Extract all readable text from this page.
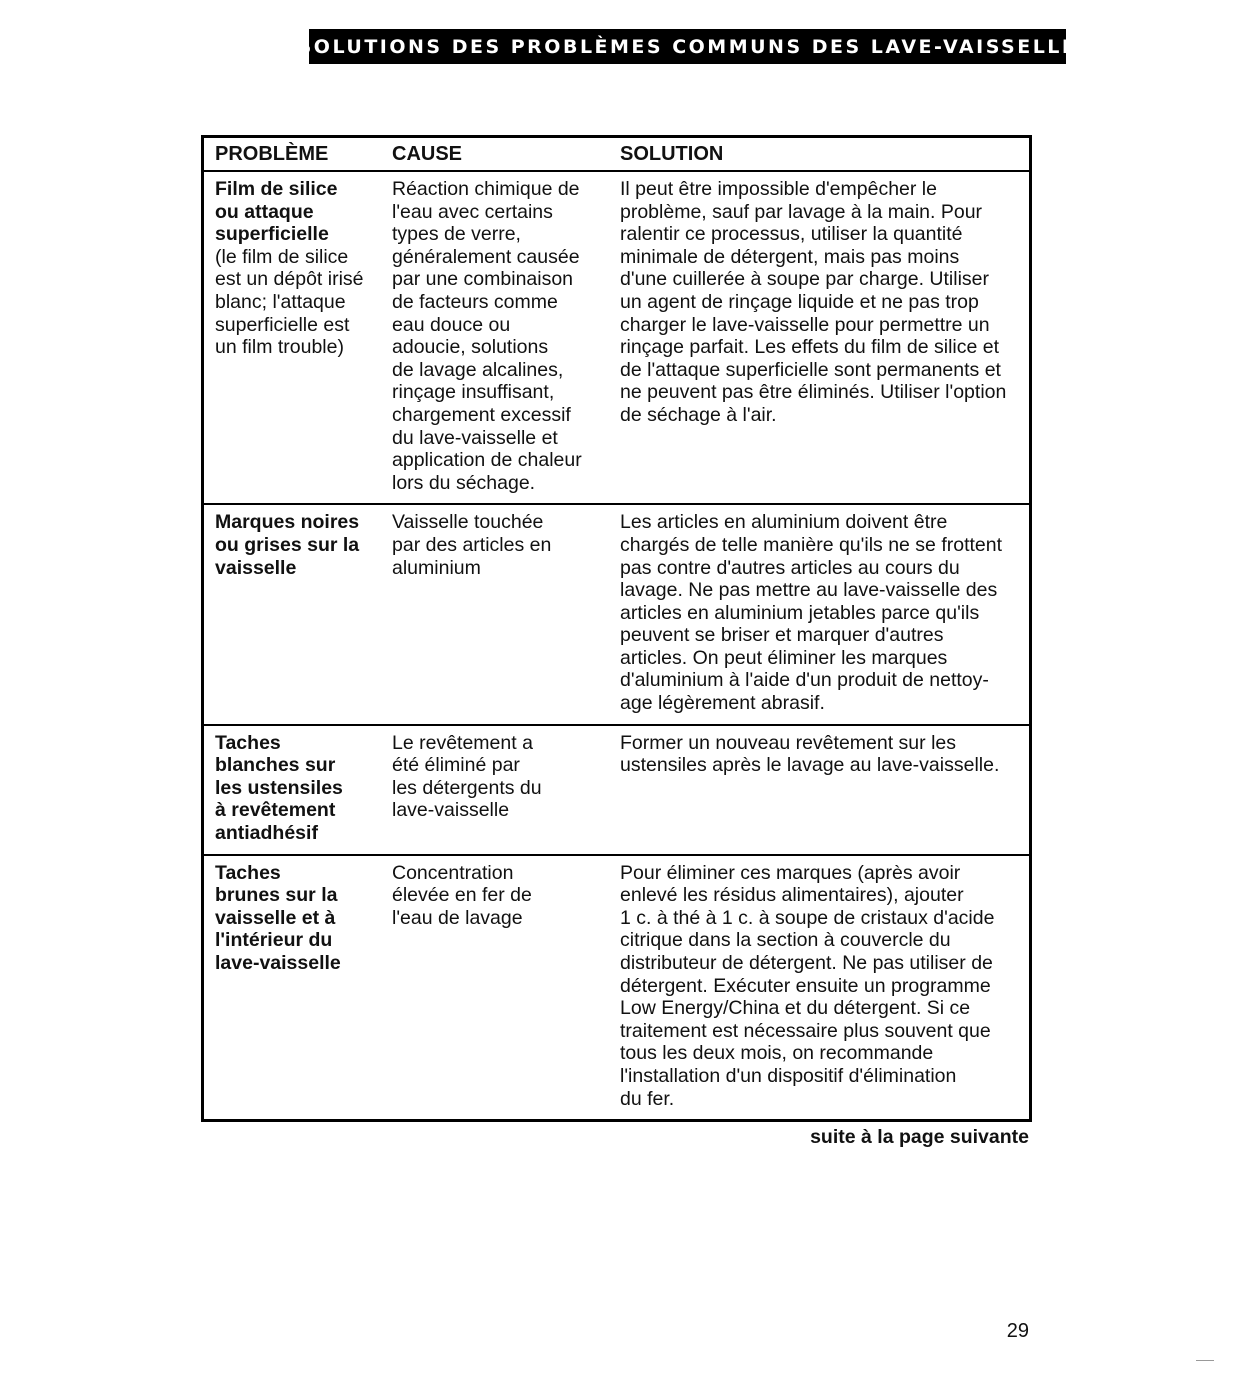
SOLUTIONS DES PROBLÈMES COMMUNS DES LAVE-VAISSELLE
PROBLÈME	CAUSE	SOLUTION
Film de silice
ou attaque
superficielle
(le film de silice
est un dépôt irisé
blanc; l'attaque
superficielle est
un film trouble)
Réaction chimique de
l'eau avec certains
types de verre,
généralement causée
par une combinaison
de facteurs comme
eau douce ou
adoucie, solutions
de lavage alcalines,
rinçage insuffisant,
chargement excessif
du lave-vaisselle et
application de chaleur
lors du séchage.
Il peut être impossible d'empêcher le
problème, sauf par lavage à la main. Pour
ralentir ce processus, utiliser la quantité
minimale de détergent, mais pas moins
d'une cuillerée à soupe par charge. Utiliser
un agent de rinçage liquide et ne pas trop
charger le lave-vaisselle pour permettre un
rinçage parfait. Les effets du film de silice et
de l'attaque superficielle sont permanents et
ne peuvent pas être éliminés. Utiliser l'option
de séchage à l'air.
Marques noires
ou grises sur la
vaisselle
Vaisselle touchée
par des articles en
aluminium
Les articles en aluminium doivent être
chargés de telle manière qu'ils ne se frottent
pas contre d'autres articles au cours du
lavage. Ne pas mettre au lave-vaisselle des
articles en aluminium jetables parce qu'ils
peuvent se briser et marquer d'autres
articles. On peut éliminer les marques
d'aluminium à l'aide d'un produit de nettoy-
age légèrement abrasif.
Taches
blanches sur
les ustensiles
à revêtement
antiadhésif
Le revêtement a
été éliminé par
les détergents du
lave-vaisselle
Former un nouveau revêtement sur les
ustensiles après le lavage au lave-vaisselle.
Taches
brunes sur la
vaisselle et à
l'intérieur du
lave-vaisselle
Concentration
élevée en fer de
l'eau de lavage
Pour éliminer ces marques (après avoir
enlevé les résidus alimentaires), ajouter
1 c. à thé à 1 c. à soupe de cristaux d'acide
citrique dans la section à couvercle du
distributeur de détergent. Ne pas utiliser de
détergent. Exécuter ensuite un programme
Low Energy/China et du détergent. Si ce
traitement est nécessaire plus souvent que
tous les deux mois, on recommande
l'installation d'un dispositif d'élimination
du fer.
suite à la page suivante
29
